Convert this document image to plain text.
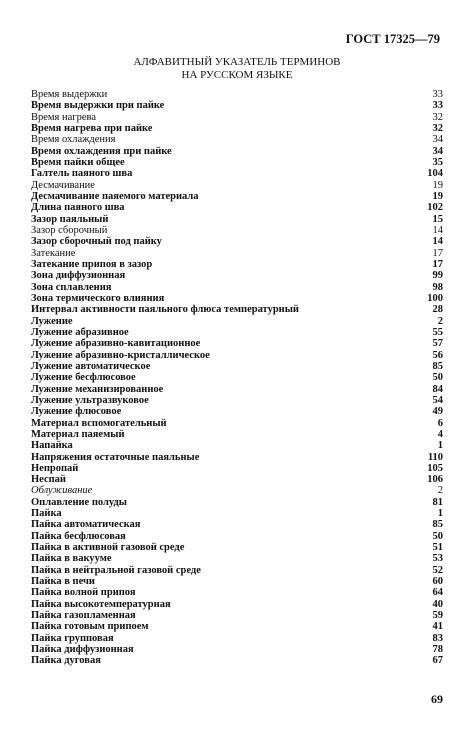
ГОСТ 17325—79
АЛФАВИТНЫЙ УКАЗАТЕЛЬ ТЕРМИНОВ
НА РУССКОМ ЯЗЫКЕ
Время выдержки	33
Время выдержки при пайке	33
Время нагрева	32
Время нагрева при пайке	32
Время охлаждения	34
Время охлаждения при пайке	34
Время пайки общее	35
Галтель паяного шва	104
Десмачивание	19
Десмачивание паяемого материала	19
Длина паяного шва	102
Зазор паяльный	15
Зазор сборочный	14
Зазор сборочный под пайку	14
Затекание	17
Затекание припоя в зазор	17
Зона диффузионная	99
Зона сплавления	98
Зона термического влияния	100
Интервал активности паяльного флюса температурный	28
Лужение	2
Лужение абразивное	55
Лужение абразивно-кавитационное	57
Лужение абразивно-кристаллическое	56
Лужение автоматическое	85
Лужение бесфлюсовое	50
Лужение механизированное	84
Лужение ультразвуковое	54
Лужение флюсовое	49
Материал вспомогательный	6
Материал паяемый	4
Напайка	1
Напряжения остаточные паяльные	110
Непропай	105
Неспай	106
Облуживание	2
Оплавление полуды	81
Пайка	1
Пайка автоматическая	85
Пайка бесфлюсовая	50
Пайка в активной газовой среде	51
Пайка в вакууме	53
Пайка в нейтральной газовой среде	52
Пайка в печи	60
Пайка волной припоя	64
Пайка высокотемпературная	40
Пайка газопламенная	59
Пайка готовым припоем	41
Пайка групповая	83
Пайка диффузионная	78
Пайка дуговая	67
69
